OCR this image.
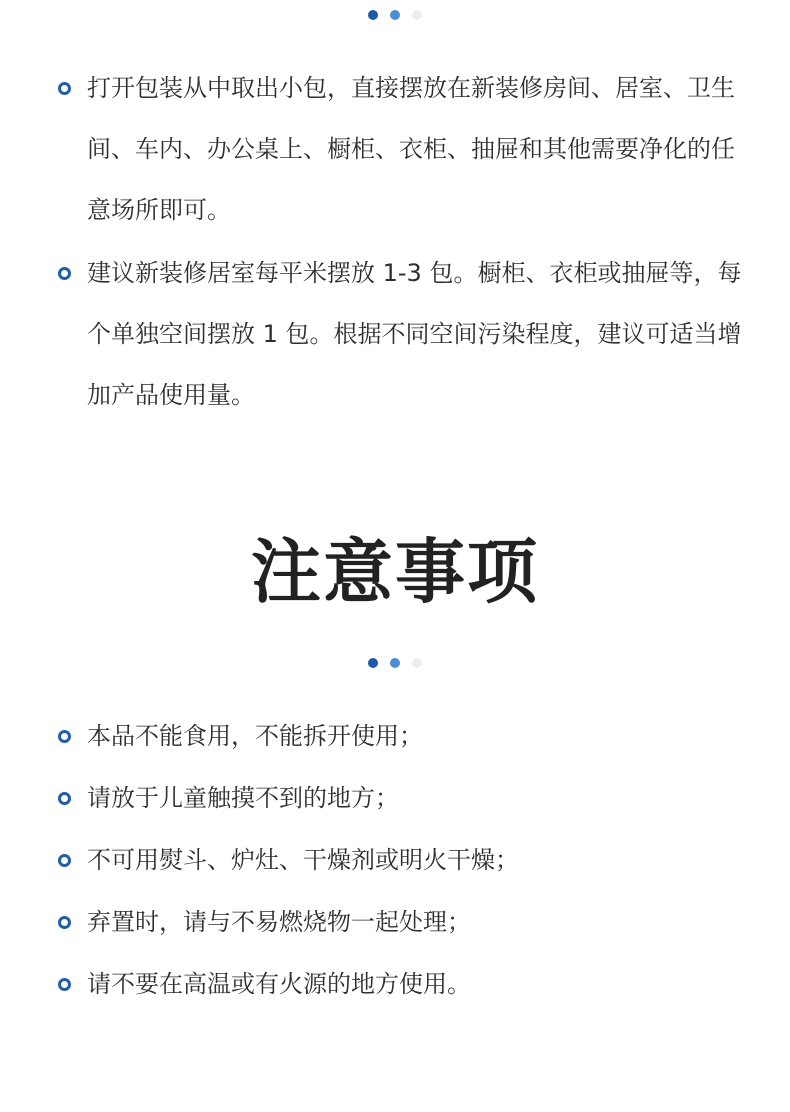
打开包装从中取出小包，直接摆放在新装修房间、居室、卫生间、车内、办公桌上、橱柜、衣柜、抽屉和其他需要净化的任意场所即可。
建议新装修居室每平米摆放 1-3 包。橱柜、衣柜或抽屉等，每个单独空间摆放 1 包。根据不同空间污染程度，建议可适当增加产品使用量。
注意事项
本品不能食用，不能拆开使用；
请放于儿童触摸不到的地方；
不可用熨斗、炉灶、干燥剂或明火干燥；
弃置时，请与不易燃烧物一起处理；
请不要在高温或有火源的地方使用。
